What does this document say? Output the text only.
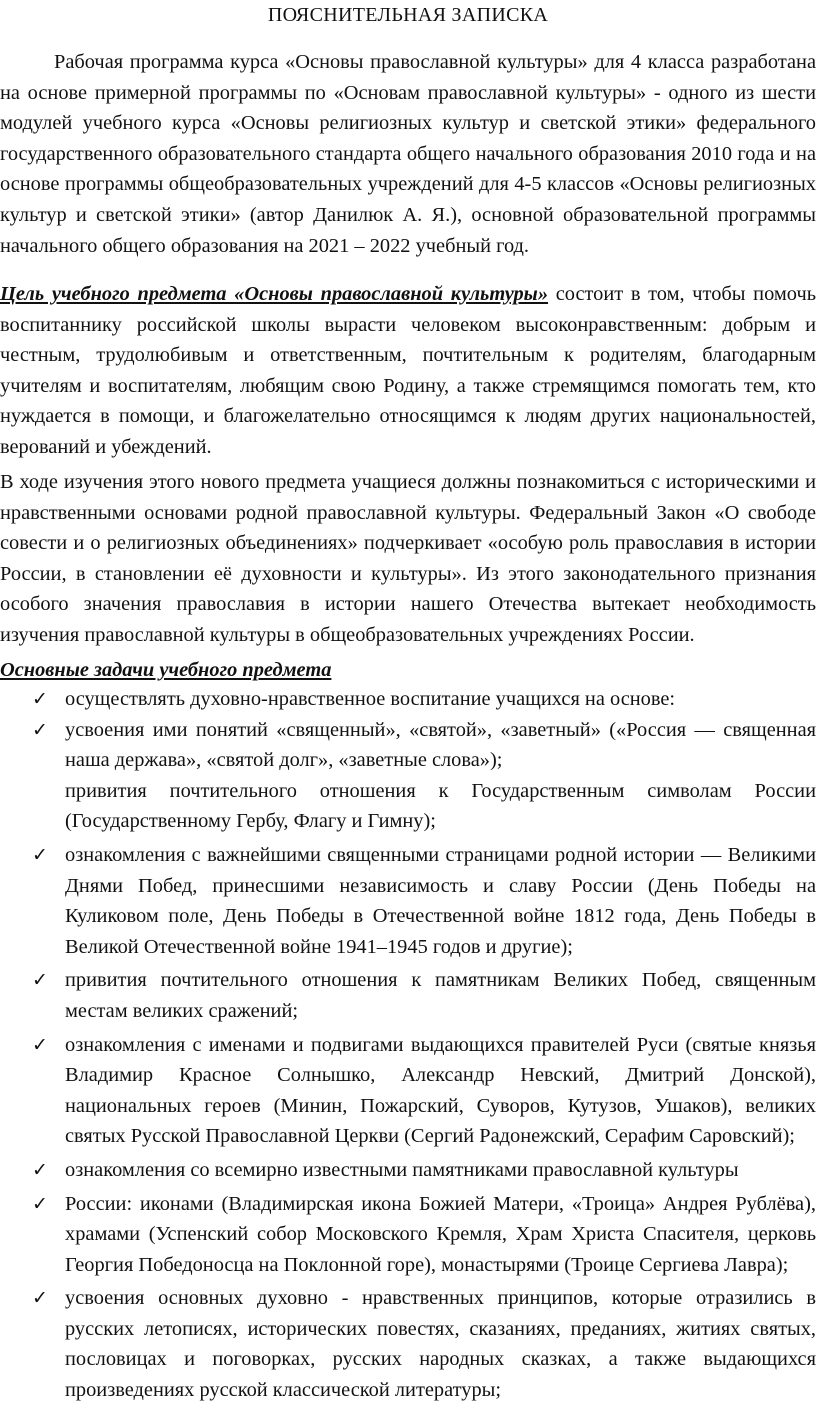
ПОЯСНИТЕЛЬНАЯ ЗАПИСКА

Рабочая программа курса «Основы православной культуры» для 4 класса разработана на основе примерной программы по «Основам православной культуры» - одного из шести модулей учебного курса «Основы религиозных культур и светской этики» федерального государственного образовательного стандарта общего начального образования 2010 года и на основе программы общеобразовательных учреждений для 4-5 классов «Основы религиозных культур и светской этики» (автор Данилюк А. Я.), основной образовательной программы начального общего образования на 2021 – 2022 учебный год.

Цель учебного предмета «Основы православной культуры» состоит в том, чтобы помочь воспитаннику российской школы вырасти человеком высоконравственным: добрым и честным, трудолюбивым и ответственным, почтительным к родителям, благодарным учителям и воспитателям, любящим свою Родину, а также стремящимся помогать тем, кто нуждается в помощи, и благожелательно относящимся к людям других национальностей, верований и убеждений.

В ходе изучения этого нового предмета учащиеся должны познакомиться с историческими и нравственными основами родной православной культуры. Федеральный Закон «О свободе совести и о религиозных объединениях» подчеркивает «особую роль православия в истории России, в становлении её духовности и культуры». Из этого законодательного признания особого значения православия в истории нашего Отечества вытекает необходимость изучения православной культуры в общеобразовательных учреждениях России.

Основные задачи учебного предмета
✓ осуществлять духовно-нравственное воспитание учащихся на основе:
✓ усвоения ими понятий «священный», «святой», «заветный» («Россия — священная наша держава», «святой долг», «заветные слова»);
привития почтительного отношения к Государственным символам России (Государственному Гербу, Флагу и Гимну);
✓ ознакомления с важнейшими священными страницами родной истории — Великими Днями Побед, принесшими независимость и славу России (День Победы на Куликовом поле, День Победы в Отечественной войне 1812 года, День Победы в Великой Отечественной войне 1941–1945 годов и другие);
✓ привития почтительного отношения к памятникам Великих Побед, священным местам великих сражений;
✓ ознакомления с именами и подвигами выдающихся правителей Руси (святые князья Владимир Красное Солнышко, Александр Невский, Дмитрий Донской), национальных героев (Минин, Пожарский, Суворов, Кутузов, Ушаков), великих святых Русской Православной Церкви (Сергий Радонежский, Серафим Саровский);
✓ ознакомления со всемирно известными памятниками православной культуры
✓ России: иконами (Владимирская икона Божией Матери, «Троица» Андрея Рублёва), храмами (Успенский собор Московского Кремля, Храм Христа Спасителя, церковь Георгия Победоносца на Поклонной горе), монастырями (Троице Сергиева Лавра);
✓ усвоения основных духовно - нравственных принципов, которые отразились в русских летописях, исторических повестях, сказаниях, преданиях, житиях святых, пословицах и поговорках, русских народных сказках, а также выдающихся произведениях русской классической литературы;
